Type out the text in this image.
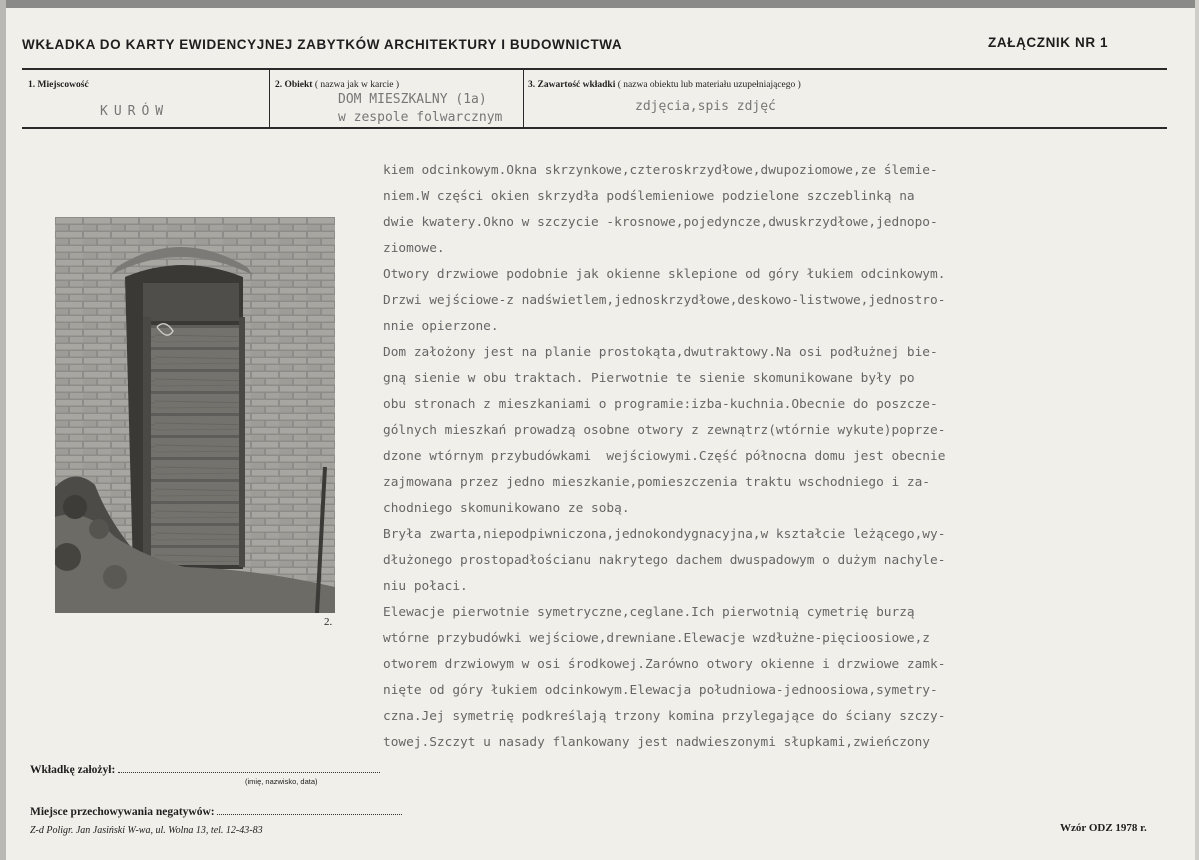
WKŁADKA DO KARTY EWIDENCYJNEJ ZABYTKÓW ARCHITEKTURY I BUDOWNICTWA	ZAŁĄCZNIK NR 1
1. Miejscowość	2. Obiekt ( nazwa jak w karcie )	3. Zawartość wkładki ( nazwa obiektu lub materiału uzupełniającego )
KURÓW
DOM MIESZKALNY (1a)
w zespole folwarcznym
zdjęcia,spis zdjęć
2.
kiem odcinkowym.Okna skrzynkowe,czteroskrzydłowe,dwupoziomowe,ze ślemie-
niem.W części okien skrzydła podślemieniowe podzielone szczeblinką na
dwie kwatery.Okno w szczycie -krosnowe,pojedyncze,dwuskrzydłowe,jednopo-
ziomowe.
Otwory drzwiowe podobnie jak okienne sklepione od góry łukiem odcinkowym.
Drzwi wejściowe-z nadświetlem,jednoskrzydłowe,deskowo-listwowe,jednostro-
nnie opierzone.
Dom założony jest na planie prostokąta,dwutraktowy.Na osi podłużnej bie-
gną sienie w obu traktach. Pierwotnie te sienie skomunikowane były po
obu stronach z mieszkaniami o programie:izba-kuchnia.Obecnie do poszcze-
gólnych mieszkań prowadzą osobne otwory z zewnątrz(wtórnie wykute)poprze-
dzone wtórnym przybudówkami  wejściowymi.Część północna domu jest obecnie
zajmowana przez jedno mieszkanie,pomieszczenia traktu wschodniego i za-
chodniego skomunikowano ze sobą.
Bryła zwarta,niepodpiwniczona,jednokondygnacyjna,w kształcie leżącego,wy-
dłużonego prostopadłościanu nakrytego dachem dwuspadowym o dużym nachyle-
niu połaci.
Elewacje pierwotnie symetryczne,ceglane.Ich pierwotnią cymetrię burzą
wtórne przybudówki wejściowe,drewniane.Elewacje wzdłużne-pięcioosiowe,z
otworem drzwiowym w osi środkowej.Zarówno otwory okienne i drzwiowe zamk-
nięte od góry łukiem odcinkowym.Elewacja południowa-jednoosiowa,symetry-
czna.Jej symetrię podkreślają trzony komina przylegające do ściany szczy-
towej.Szczyt u nasady flankowany jest nadwieszonymi słupkami,zwieńczony
Wkładkę założył:
(imię, nazwisko, data)
Miejsce przechowywania negatywów:
Z-d Poligr. Jan Jasiński W-wa, ul. Wolna 13, tel. 12-43-83	Wzór ODZ 1978 r.
